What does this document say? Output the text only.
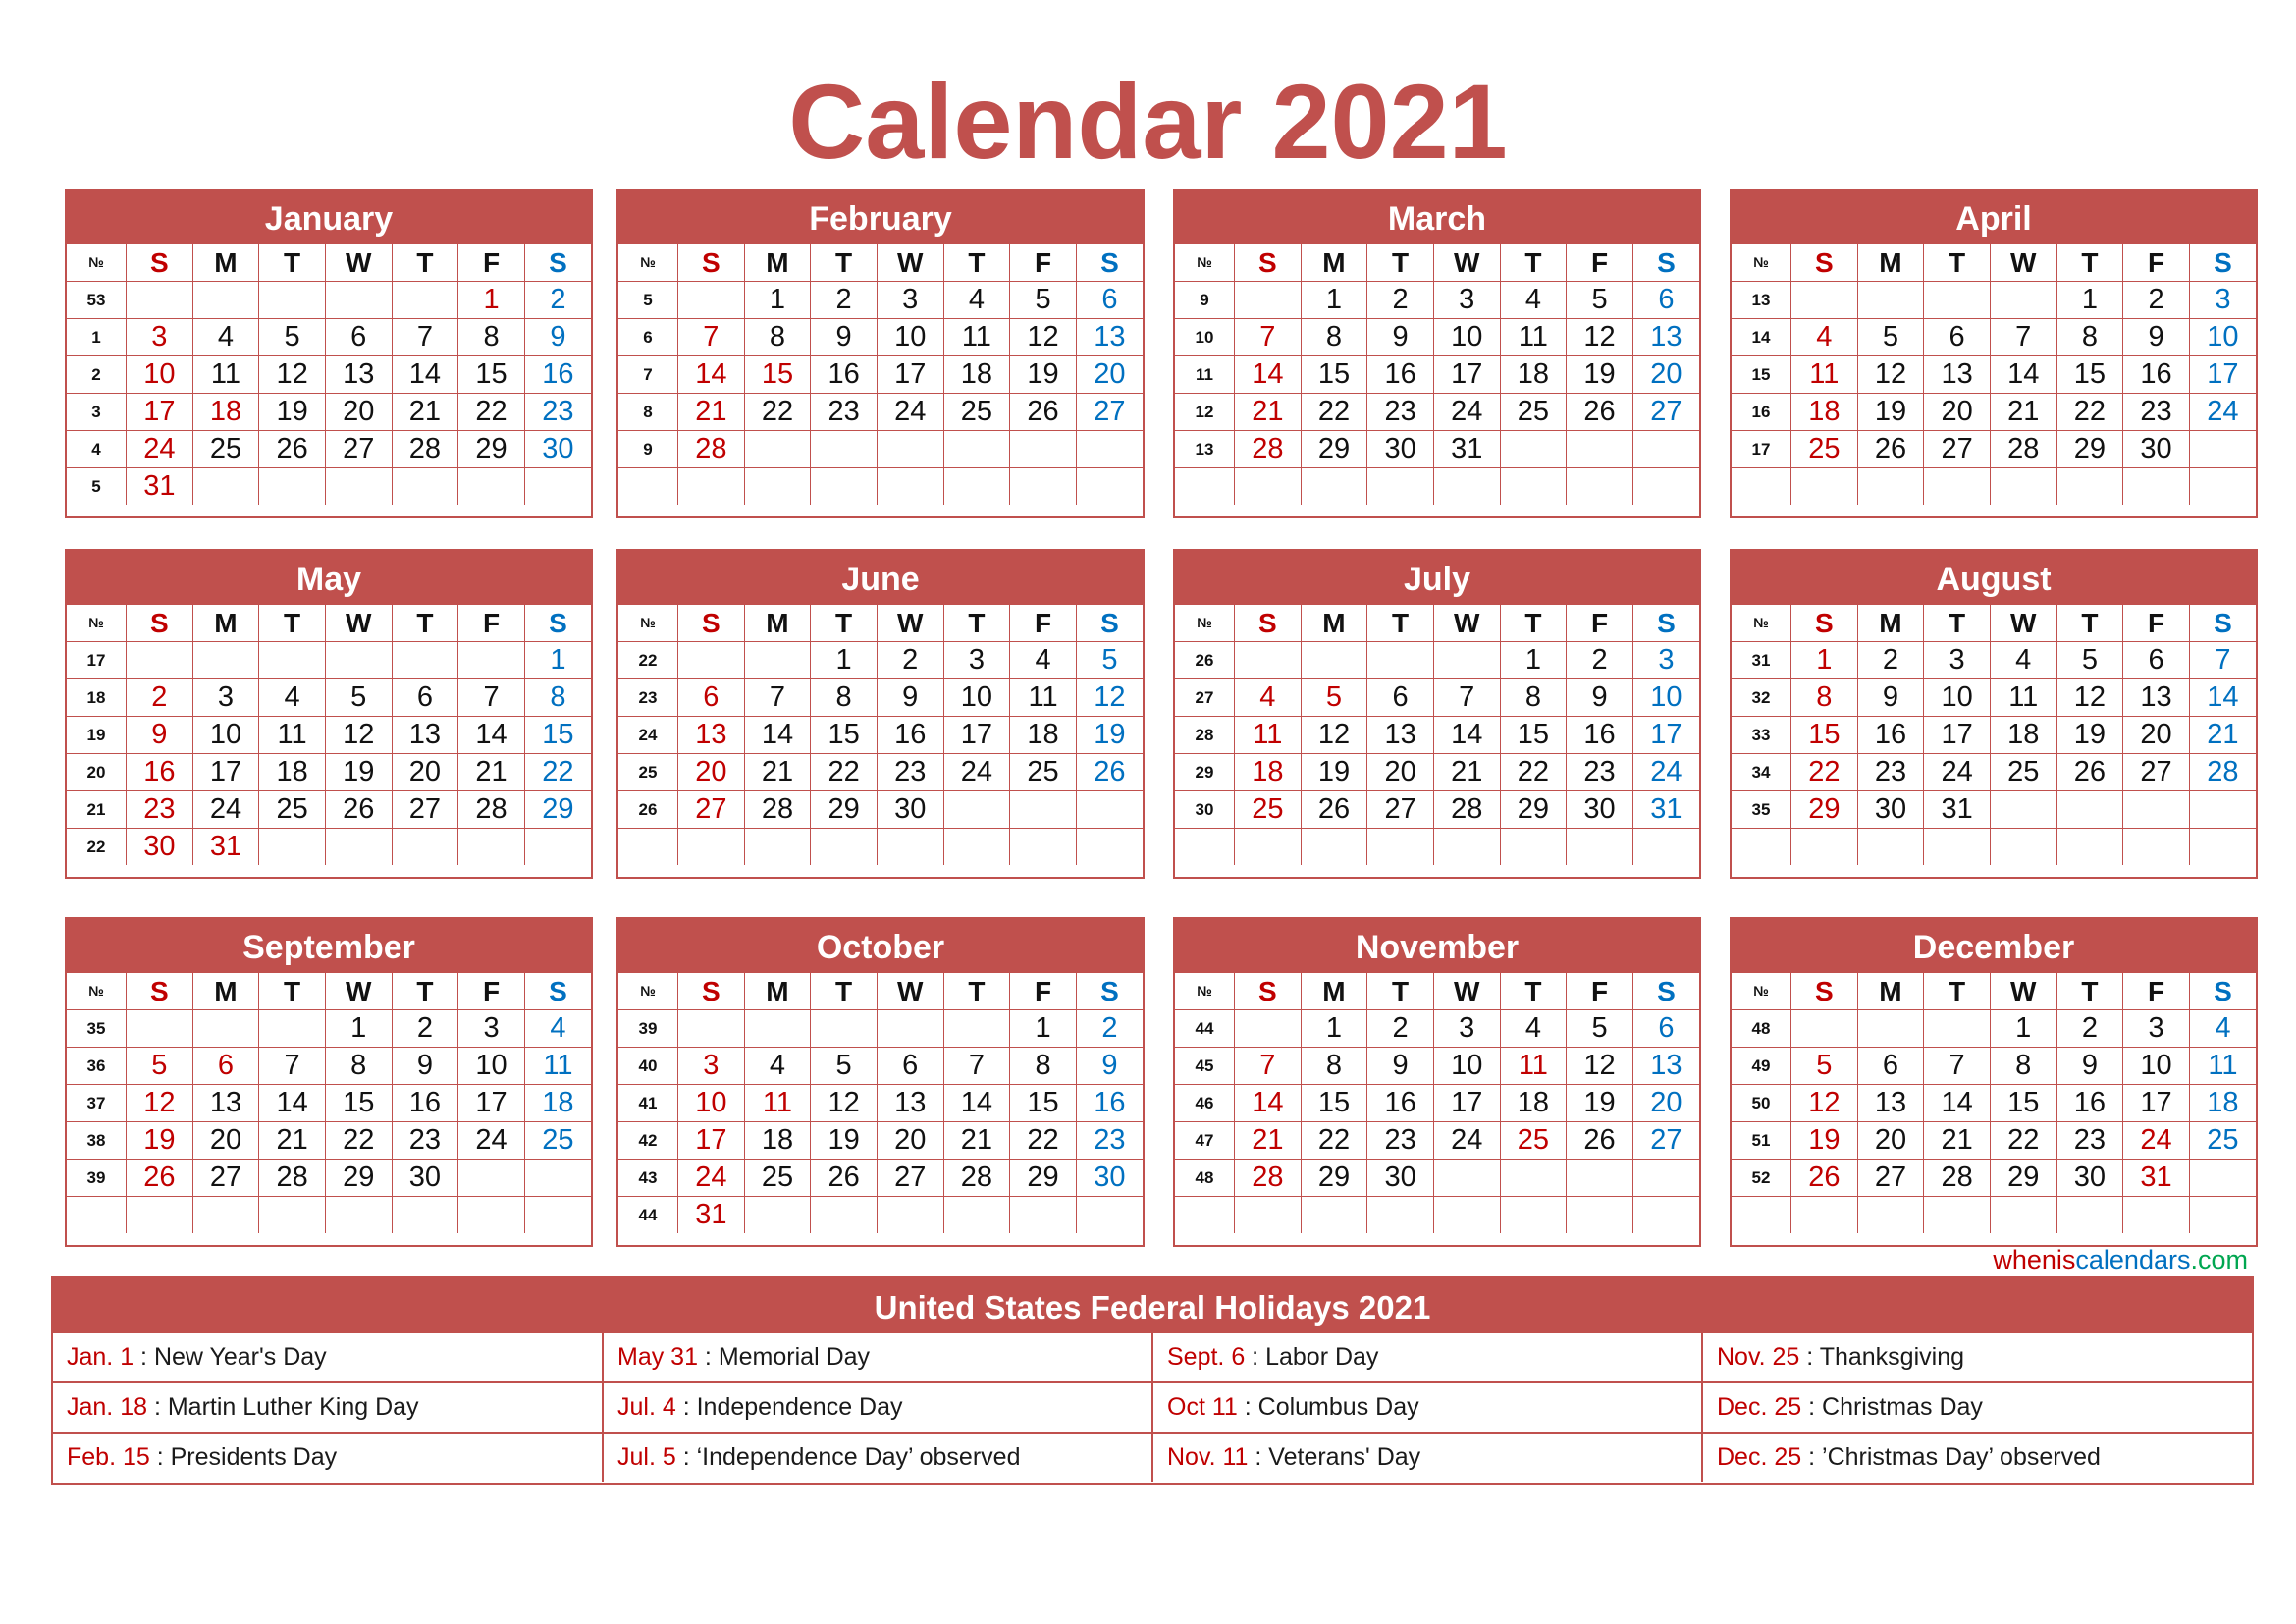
Calendar 2021
January
№	S	M	T	W	T	F	S
53						1	2
1	3	4	5	6	7	8	9
2	10	11	12	13	14	15	16
3	17	18	19	20	21	22	23
4	24	25	26	27	28	29	30
5	31						
February
№	S	M	T	W	T	F	S
5		1	2	3	4	5	6
6	7	8	9	10	11	12	13
7	14	15	16	17	18	19	20
8	21	22	23	24	25	26	27
9	28						

March
№	S	M	T	W	T	F	S
9		1	2	3	4	5	6
10	7	8	9	10	11	12	13
11	14	15	16	17	18	19	20
12	21	22	23	24	25	26	27
13	28	29	30	31			

April
№	S	M	T	W	T	F	S
13					1	2	3
14	4	5	6	7	8	9	10
15	11	12	13	14	15	16	17
16	18	19	20	21	22	23	24
17	25	26	27	28	29	30	

May
№	S	M	T	W	T	F	S
17							1
18	2	3	4	5	6	7	8
19	9	10	11	12	13	14	15
20	16	17	18	19	20	21	22
21	23	24	25	26	27	28	29
22	30	31					
June
№	S	M	T	W	T	F	S
22			1	2	3	4	5
23	6	7	8	9	10	11	12
24	13	14	15	16	17	18	19
25	20	21	22	23	24	25	26
26	27	28	29	30			

July
№	S	M	T	W	T	F	S
26					1	2	3
27	4	5	6	7	8	9	10
28	11	12	13	14	15	16	17
29	18	19	20	21	22	23	24
30	25	26	27	28	29	30	31

August
№	S	M	T	W	T	F	S
31	1	2	3	4	5	6	7
32	8	9	10	11	12	13	14
33	15	16	17	18	19	20	21
34	22	23	24	25	26	27	28
35	29	30	31				

September
№	S	M	T	W	T	F	S
35				1	2	3	4
36	5	6	7	8	9	10	11
37	12	13	14	15	16	17	18
38	19	20	21	22	23	24	25
39	26	27	28	29	30		

October
№	S	M	T	W	T	F	S
39						1	2
40	3	4	5	6	7	8	9
41	10	11	12	13	14	15	16
42	17	18	19	20	21	22	23
43	24	25	26	27	28	29	30
44	31						
November
№	S	M	T	W	T	F	S
44		1	2	3	4	5	6
45	7	8	9	10	11	12	13
46	14	15	16	17	18	19	20
47	21	22	23	24	25	26	27
48	28	29	30				

December
№	S	M	T	W	T	F	S
48				1	2	3	4
49	5	6	7	8	9	10	11
50	12	13	14	15	16	17	18
51	19	20	21	22	23	24	25
52	26	27	28	29	30	31	

wheniscalendars.com
United States Federal Holidays 2021
Jan. 1 : New Year's Day	May 31 : Memorial Day	Sept. 6 : Labor Day	Nov. 25 : Thanksgiving
Jan. 18 : Martin Luther King Day	Jul. 4 : Independence Day	Oct 11 : Columbus Day	Dec. 25 : Christmas Day
Feb. 15 : Presidents Day	Jul. 5 : ‘Independence Day’ observed	Nov. 11 : Veterans' Day	Dec. 25 : ’Christmas Day’ observed
